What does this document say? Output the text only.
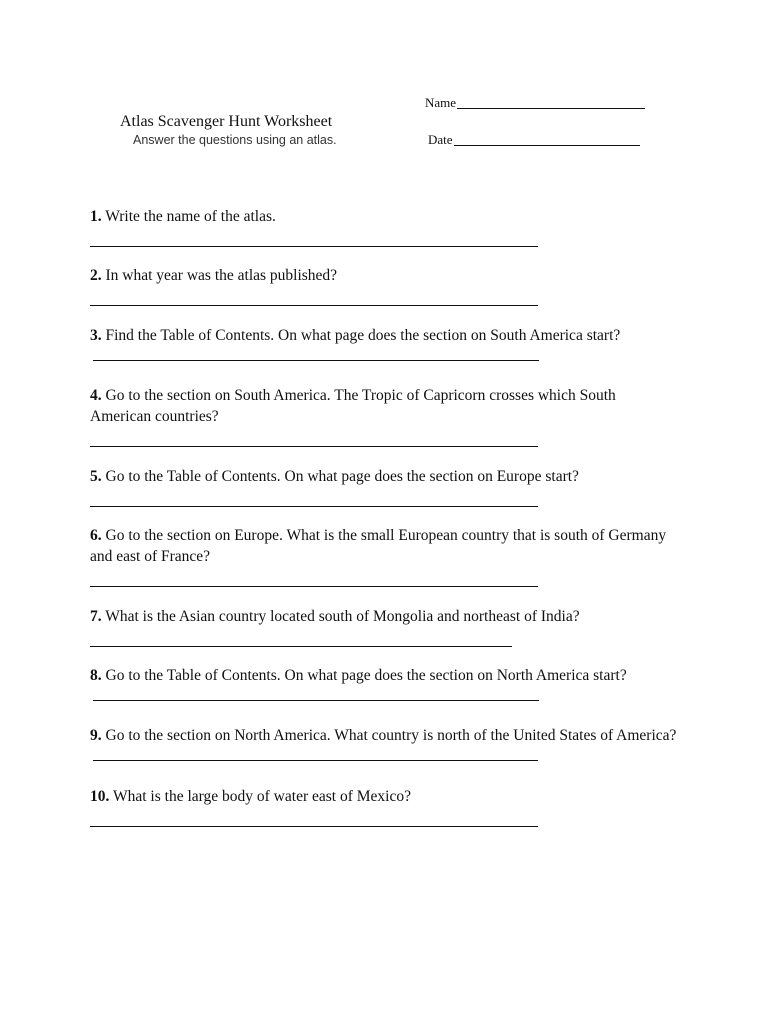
Atlas Scavenger Hunt Worksheet
Answer the questions using an atlas.
Name
Date
1. Write the name of the atlas.
2. In what year was the atlas published?
3. Find the Table of Contents. On what page does the section on South America start?
4. Go to the section on South America. The Tropic of Capricorn crosses which South American countries?
5. Go to the Table of Contents. On what page does the section on Europe start?
6. Go to the section on Europe. What is the small European country that is south of Germany and east of France?
7. What is the Asian country located south of Mongolia and northeast of India?
8. Go to the Table of Contents. On what page does the section on North America start?
9. Go to the section on North America. What country is north of the United States of America?
10. What is the large body of water east of Mexico?
